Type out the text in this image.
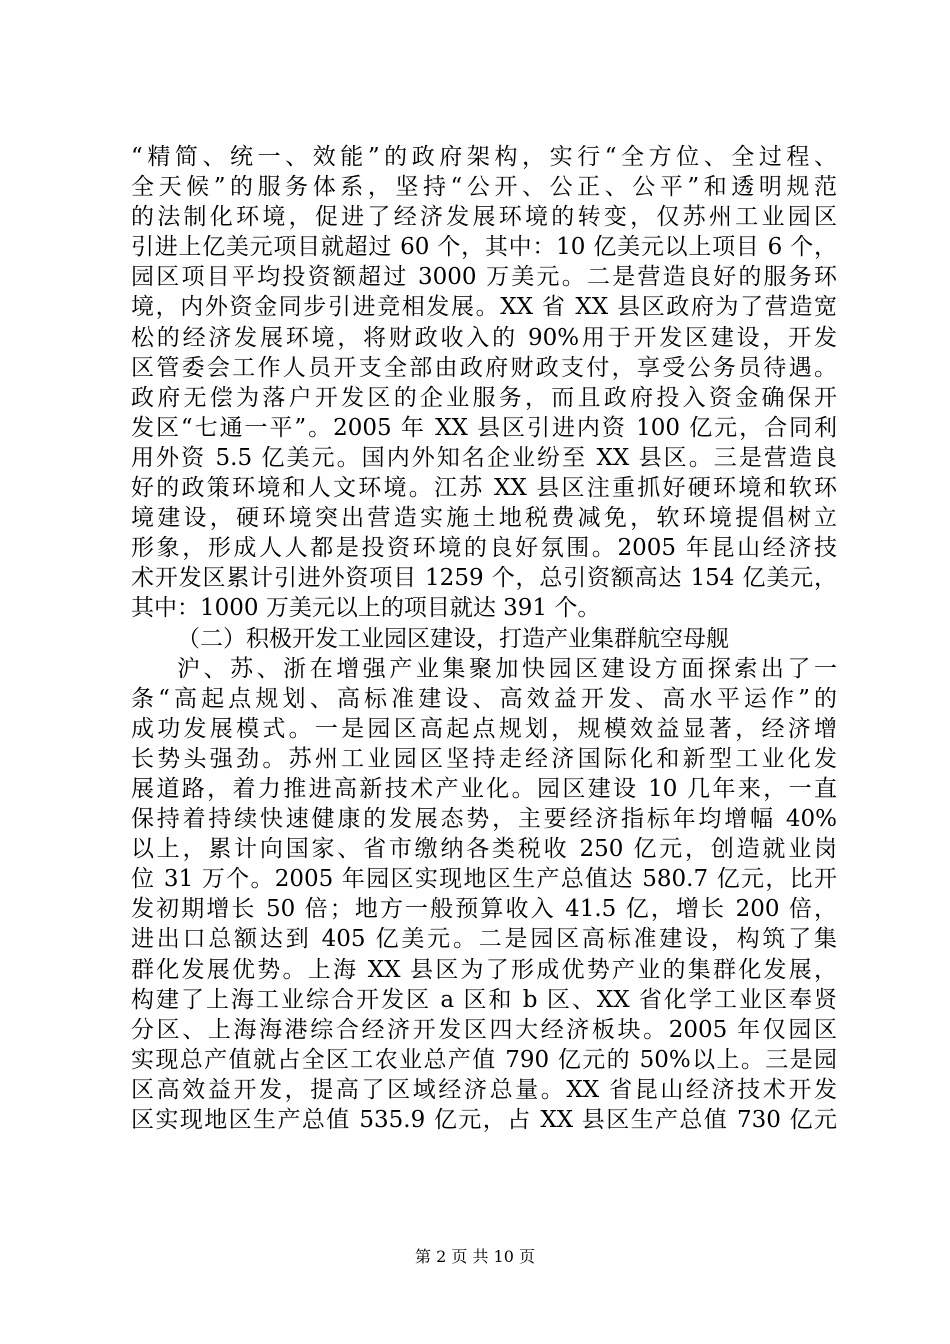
“精简、统一、效能”的政府架构，实行“全方位、全过程、
全天候”的服务体系，坚持“公开、公正、公平”和透明规范
的法制化环境，促进了经济发展环境的转变，仅苏州工业园区
引进上亿美元项目就超过 60 个，其中：10 亿美元以上项目 6 个，
园区项目平均投资额超过 3000 万美元。二是营造良好的服务环
境，内外资金同步引进竞相发展。XX 省 XX 县区政府为了营造宽
松的经济发展环境，将财政收入的 90%用于开发区建设，开发
区管委会工作人员开支全部由政府财政支付，享受公务员待遇。
政府无偿为落户开发区的企业服务，而且政府投入资金确保开
发区“七通一平”。2005 年 XX 县区引进内资 100 亿元，合同利
用外资 5.5 亿美元。国内外知名企业纷至 XX 县区。三是营造良
好的政策环境和人文环境。江苏 XX 县区注重抓好硬环境和软环
境建设，硬环境突出营造实施土地税费减免，软环境提倡树立
形象，形成人人都是投资环境的良好氛围。2005 年昆山经济技
术开发区累计引进外资项目 1259 个，总引资额高达 154 亿美元，
其中：1000 万美元以上的项目就达 391 个。
（二）积极开发工业园区建设，打造产业集群航空母舰
沪、苏、浙在增强产业集聚加快园区建设方面探索出了一
条“高起点规划、高标准建设、高效益开发、高水平运作”的
成功发展模式。一是园区高起点规划，规模效益显著，经济增
长势头强劲。苏州工业园区坚持走经济国际化和新型工业化发
展道路，着力推进高新技术产业化。园区建设 10 几年来，一直
保持着持续快速健康的发展态势，主要经济指标年均增幅 40%
以上，累计向国家、省市缴纳各类税收 250 亿元，创造就业岗
位 31 万个。2005 年园区实现地区生产总值达 580.7 亿元，比开
发初期增长 50 倍；地方一般预算收入 41.5 亿，增长 200 倍，
进出口总额达到 405 亿美元。二是园区高标准建设，构筑了集
群化发展优势。上海 XX 县区为了形成优势产业的集群化发展，
构建了上海工业综合开发区 a 区和 b 区、XX 省化学工业区奉贤
分区、上海海港综合经济开发区四大经济板块。2005 年仅园区
实现总产值就占全区工农业总产值 790 亿元的 50%以上。三是园
区高效益开发，提高了区域经济总量。XX 省昆山经济技术开发
区实现地区生产总值 535.9 亿元，占 XX 县区生产总值 730 亿元
第 2 页 共 10 页
